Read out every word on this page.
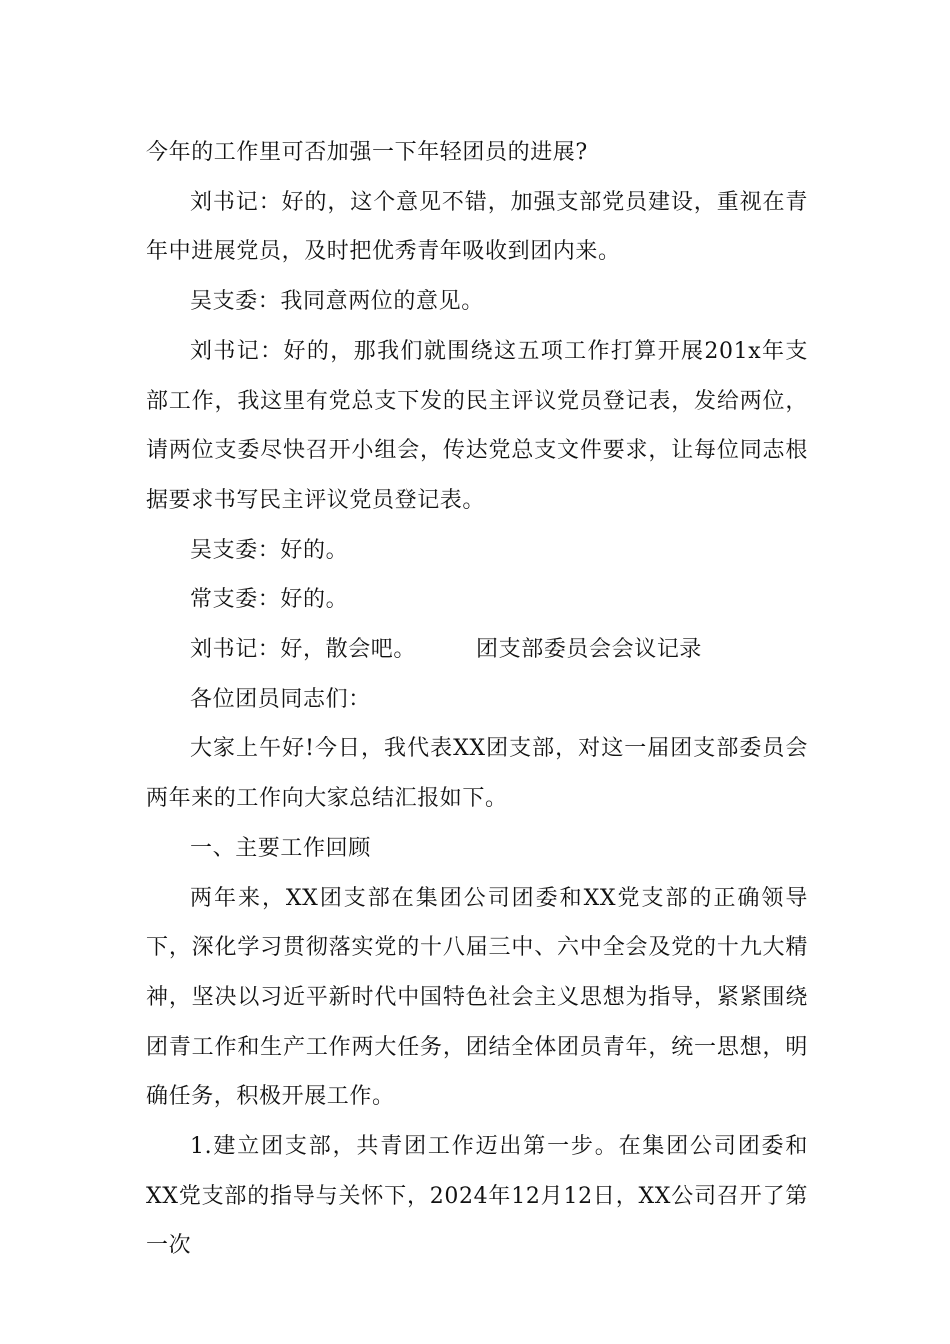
今年的工作里可否加强一下年轻团员的进展?

刘书记：好的，这个意见不错，加强支部党员建设，重视在青年中进展党员，及时把优秀青年吸收到团内来。

吴支委：我同意两位的意见。

刘书记：好的，那我们就围绕这五项工作打算开展201x年支部工作，我这里有党总支下发的民主评议党员登记表，发给两位，请两位支委尽快召开小组会，传达党总支文件要求，让每位同志根据要求书写民主评议党员登记表。

吴支委：好的。

常支委：好的。

刘书记：好，散会吧。	团支部委员会会议记录

各位团员同志们：

大家上午好!今日，我代表XX团支部，对这一届团支部委员会两年来的工作向大家总结汇报如下。

一、主要工作回顾

两年来，XX团支部在集团公司团委和XX党支部的正确领导下，深化学习贯彻落实党的十八届三中、六中全会及党的十九大精神，坚决以习近平新时代中国特色社会主义思想为指导，紧紧围绕团青工作和生产工作两大任务，团结全体团员青年，统一思想，明确任务，积极开展工作。

1.建立团支部，共青团工作迈出第一步。在集团公司团委和XX党支部的指导与关怀下，2024年12月12日，XX公司召开了第一次
